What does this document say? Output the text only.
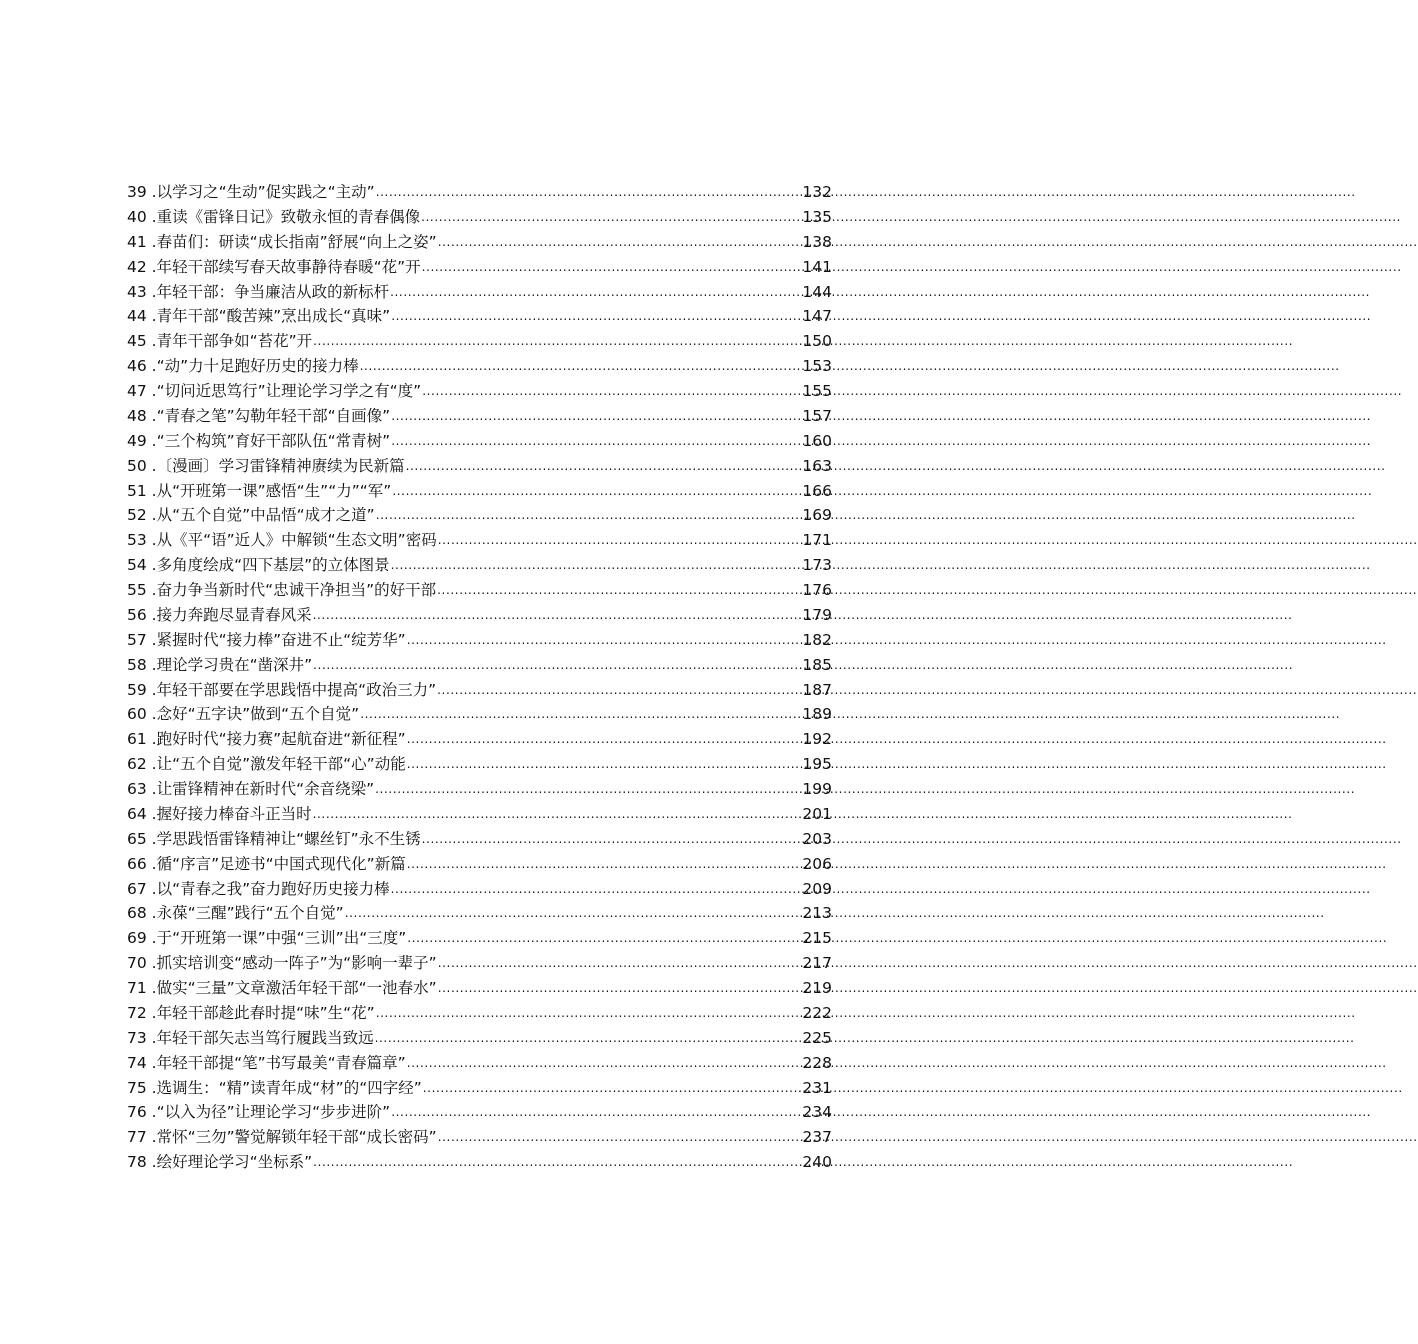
39 . 以学习之“生动”促实践之“主动” .....	132
40 . 重读《雷锋日记》致敬永恒的青春偶像 .....	135
41 . 春苗们：研读“成长指南”舒展“向上之姿” .....	138
42 . 年轻干部续写春天故事静待春暖“花”开 .....	141
43 . 年轻干部：争当廉洁从政的新标杆 .....	144
44 . 青年干部“酸苦辣”烹出成长“真味” .....	147
45 . 青年干部争如“苔花”开 .....	150
46 . “动”力十足跑好历史的接力棒 .....	153
47 . “切问近思笃行”让理论学习学之有“度” .....	155
48 . “青春之笔”勾勒年轻干部“自画像” .....	157
49 . “三个构筑”育好干部队伍“常青树” .....	160
50 . 〔漫画〕学习雷锋精神赓续为民新篇 .....	163
51 . 从“开班第一课”感悟“生”“力”“军” .....	166
52 . 从“五个自觉”中品悟“成才之道” .....	169
53 . 从《平“语”近人》中解锁“生态文明”密码 .....	171
54 . 多角度绘成“四下基层”的立体图景 .....	173
55 . 奋力争当新时代“忠诚干净担当”的好干部 .....	176
56 . 接力奔跑尽显青春风采 .....	179
57 . 紧握时代“接力棒”奋进不止“绽芳华” .....	182
58 . 理论学习贵在“凿深井” .....	185
59 . 年轻干部要在学思践悟中提高“政治三力” .....	187
60 . 念好“五字诀”做到“五个自觉” .....	189
61 . 跑好时代“接力赛”起航奋进“新征程” .....	192
62 . 让“五个自觉”激发年轻干部“心”动能 .....	195
63 . 让雷锋精神在新时代“余音绕梁” .....	199
64 . 握好接力棒奋斗正当时 .....	201
65 . 学思践悟雷锋精神让“螺丝钉”永不生锈 .....	203
66 . 循“序言”足迹书“中国式现代化”新篇 .....	206
67 . 以“青春之我”奋力跑好历史接力棒 .....	209
68 . 永葆“三醒”践行“五个自觉” .....	213
69 . 于“开班第一课”中强“三训”出“三度” .....	215
70 . 抓实培训变“感动一阵子”为“影响一辈子” .....	217
71 . 做实“三量”文章激活年轻干部“一池春水” .....	219
72 . 年轻干部趁此春时提“味”生“花” .....	222
73 . 年轻干部矢志当笃行履践当致远 .....	225
74 . 年轻干部提“笔”书写最美“青春篇章” .....	228
75 . 选调生：“精”读青年成“材”的“四字经” .....	231
76 . “以入为径”让理论学习“步步进阶” .....	234
77 . 常怀“三勿”警觉解锁年轻干部“成长密码” .....	237
78 . 绘好理论学习“坐标系” .....	240
